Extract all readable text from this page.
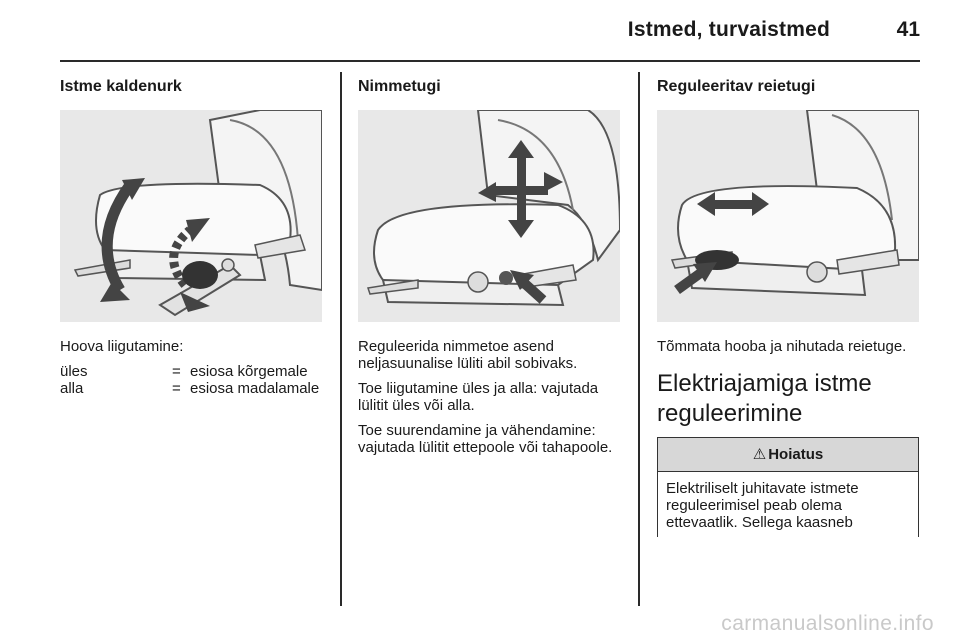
Istmed, turvaistmed	41
Istme kaldenurk
Hoova liigutamine:
üles	= esiosa kõrgemale
alla	= esiosa madalamale
Nimmetugi
Reguleerida nimmetoe asend neljasuunalise lüliti abil sobivaks.
Toe liigutamine üles ja alla: vajutada lülitit üles või alla.
Toe suurendamine ja vähendamine: vajutada lülitit ettepoole või tahapoole.
Reguleeritav reietugi
Tõmmata hooba ja nihutada reietuge.
Elektriajamiga istme reguleerimine
⚠ Hoiatus
Elektriliselt juhitavate istmete reguleerimisel peab olema ettevaatlik. Sellega kaasneb
carmanualsonline.info
